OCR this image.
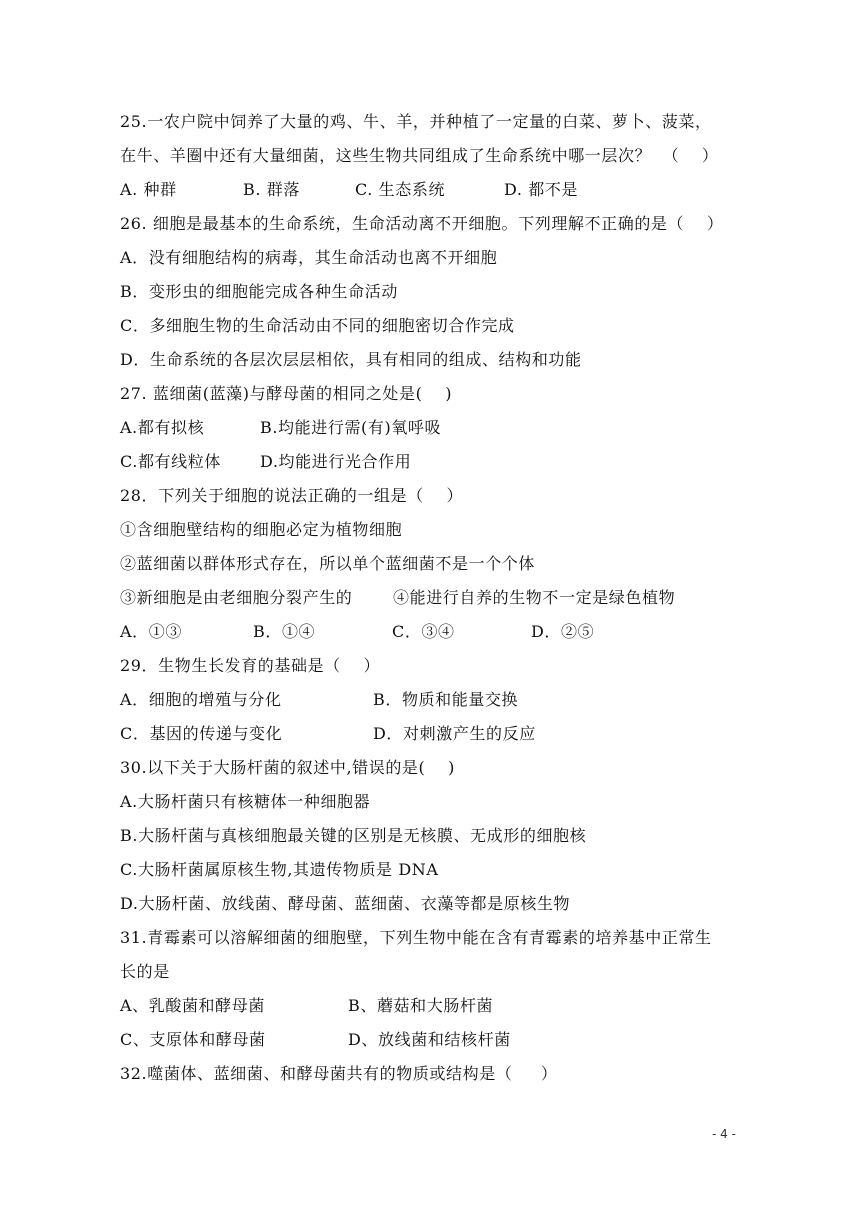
25.一农户院中饲养了大量的鸡、牛、羊，并种植了一定量的白菜、萝卜、菠菜，

在牛、羊圈中还有大量细菌，这些生物共同组成了生命系统中哪一层次？  （    ）

A. 种群	B. 群落	C. 生态系统	D. 都不是

26. 细胞是最基本的生命系统，生命活动离不开细胞。下列理解不正确的是（    ）

A．没有细胞结构的病毒，其生命活动也离不开细胞

B．变形虫的细胞能完成各种生命活动

C．多细胞生物的生命活动由不同的细胞密切合作完成

D．生命系统的各层次层层相依，具有相同的组成、结构和功能

27. 蓝细菌(蓝藻)与酵母菌的相同之处是(    )

A.都有拟核	B.均能进行需(有)氧呼吸

C.都有线粒体 D.均能进行光合作用

28．下列关于细胞的说法正确的一组是（    ）

①含细胞壁结构的细胞必定为植物细胞

②蓝细菌以群体形式存在，所以单个蓝细菌不是一个个体

③新细胞是由老细胞分裂产生的	④能进行自养的生物不一定是绿色植物

A．①③	B．①④	C．③④	D．②⑤

29．生物生长发育的基础是（    ）

A．细胞的增殖与分化	B．物质和能量交换

C．基因的传递与变化	D．对刺激产生的反应

30.以下关于大肠杆菌的叙述中,错误的是(    )

A.大肠杆菌只有核糖体一种细胞器

B.大肠杆菌与真核细胞最关键的区别是无核膜、无成形的细胞核

C.大肠杆菌属原核生物,其遗传物质是 DNA

D.大肠杆菌、放线菌、酵母菌、蓝细菌、衣藻等都是原核生物

31.青霉素可以溶解细菌的细胞壁，下列生物中能在含有青霉素的培养基中正常生

长的是

A、乳酸菌和酵母菌	B、蘑菇和大肠杆菌

C、支原体和酵母菌	D、放线菌和结核杆菌

32.噬菌体、蓝细菌、和酵母菌共有的物质或结构是（     ）

- 4 -
